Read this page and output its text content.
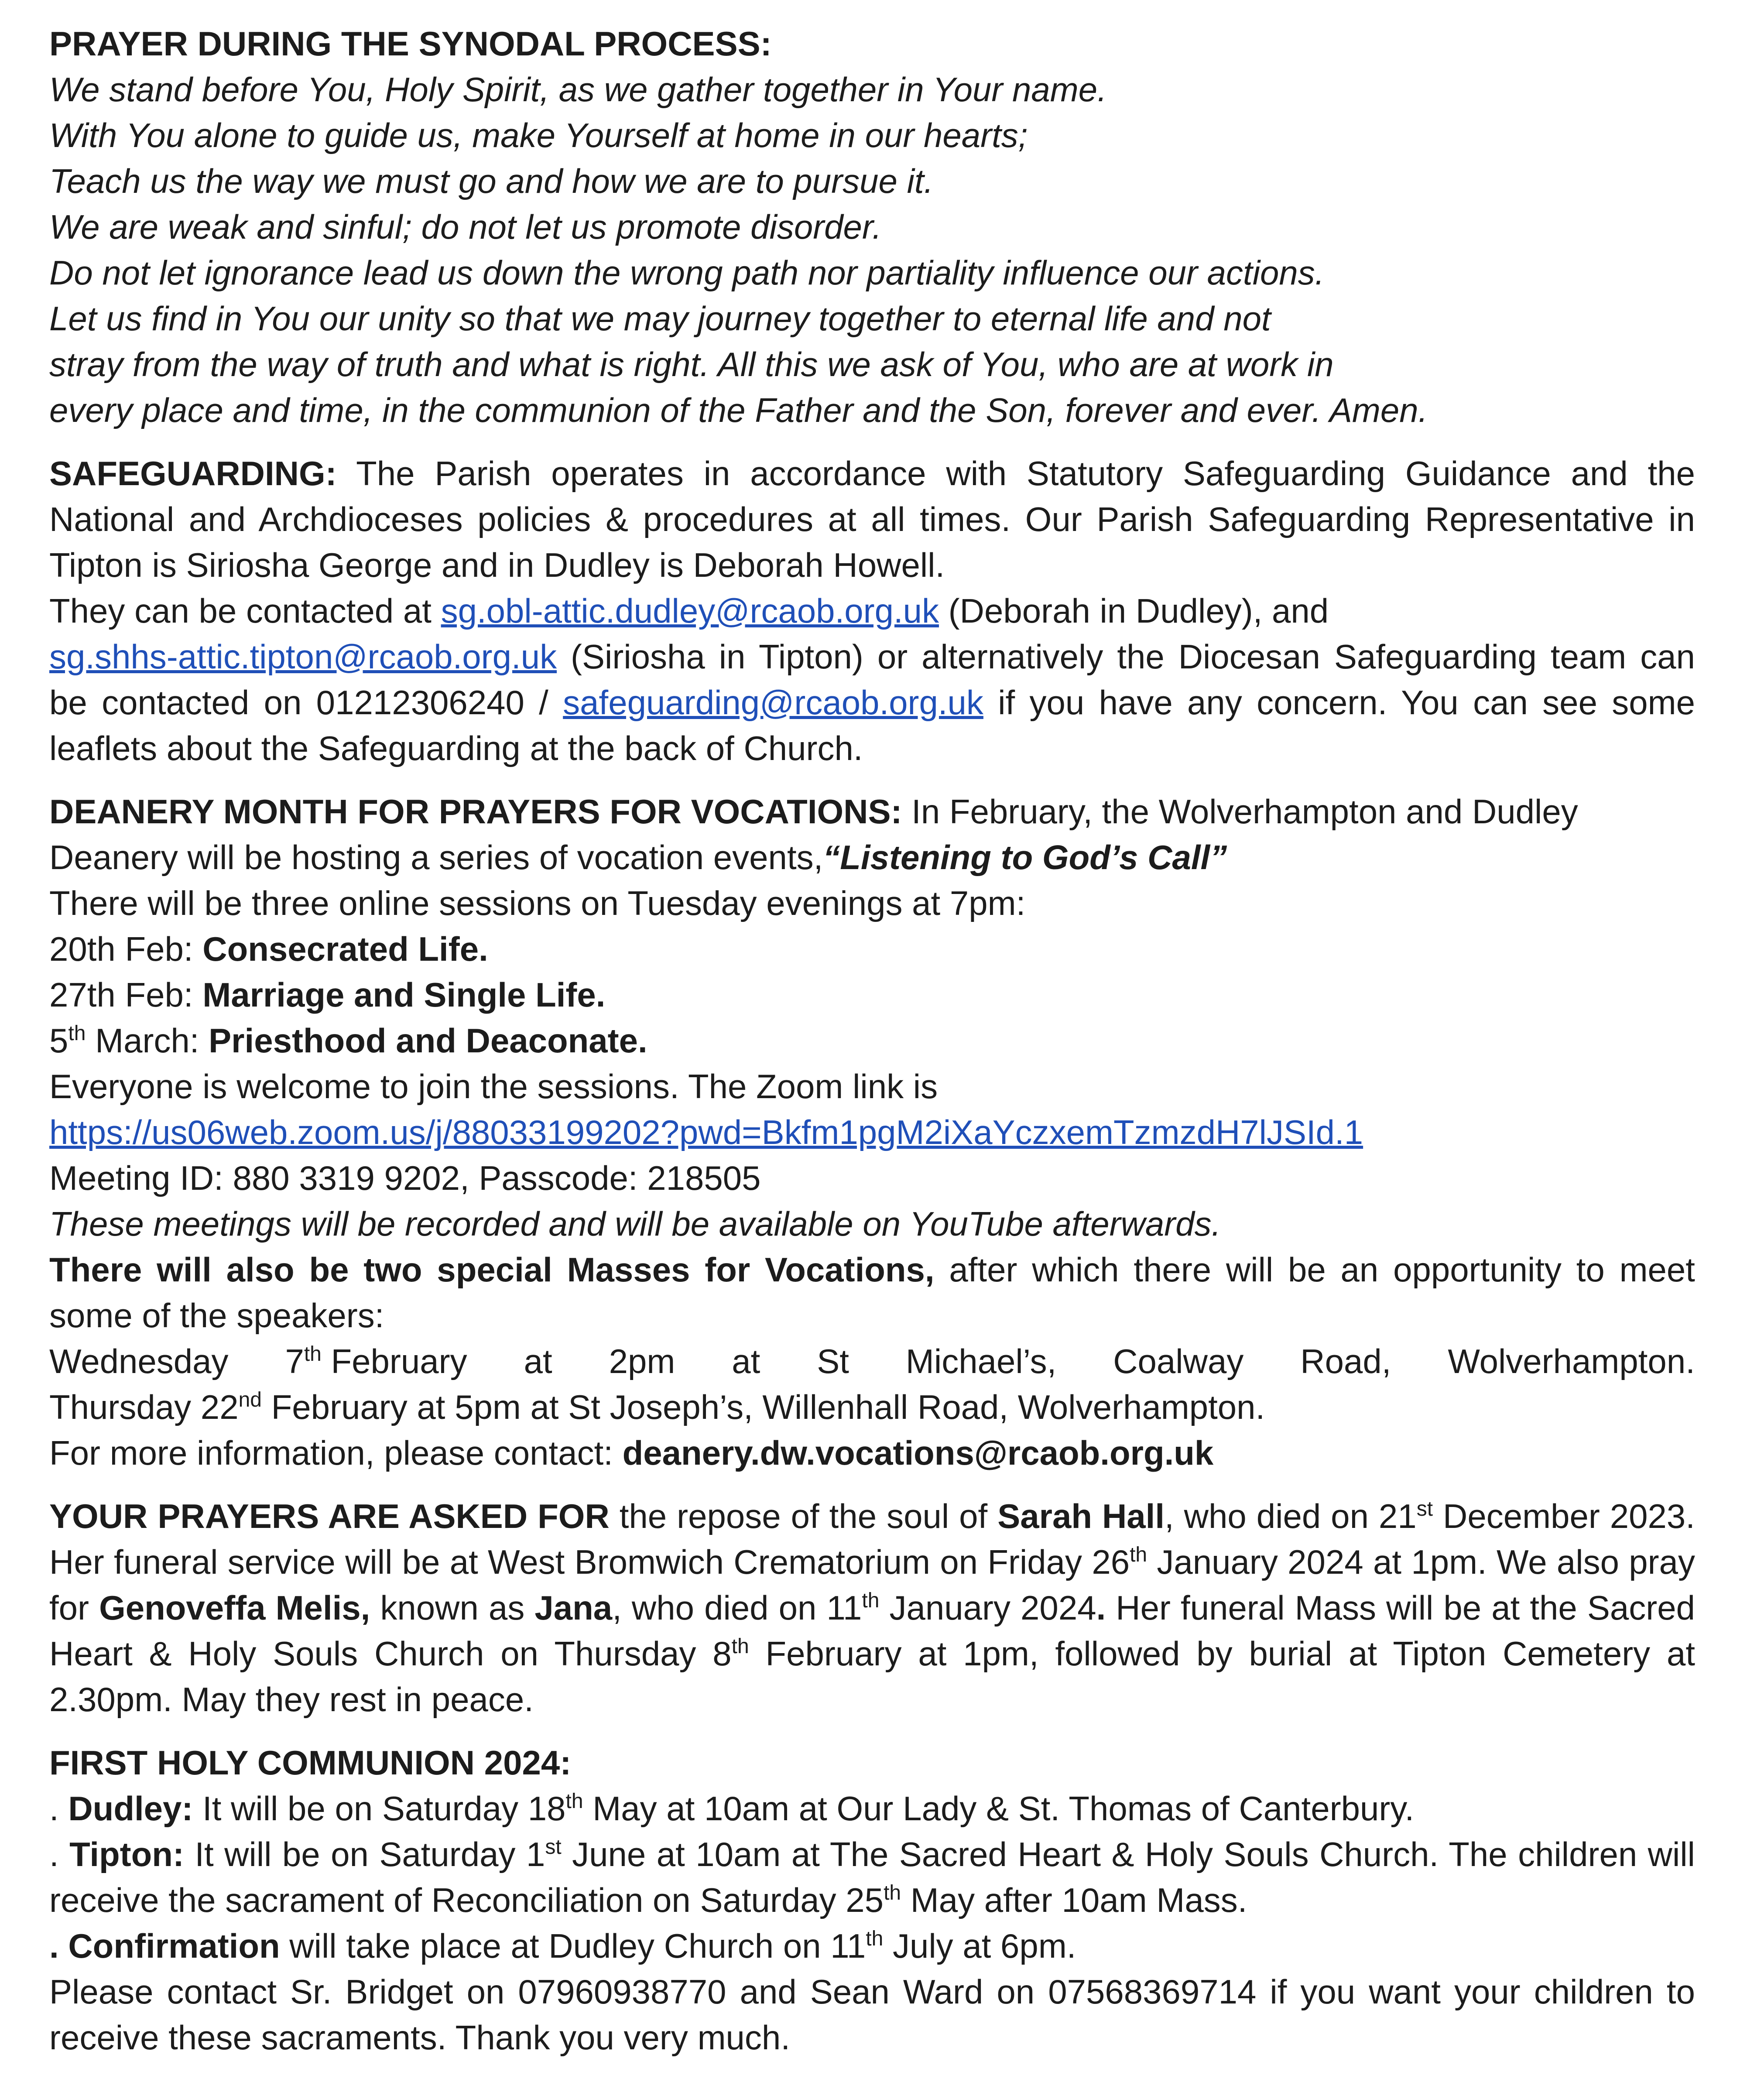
PRAYER DURING THE SYNODAL PROCESS:

We stand before You, Holy Spirit, as we gather together in Your name.

With You alone to guide us, make Yourself at home in our hearts;

Teach us the way we must go and how we are to pursue it.

We are weak and sinful; do not let us promote disorder.

Do not let ignorance lead us down the wrong path nor partiality influence our actions.

Let us find in You our unity so that we may journey together to eternal life and not

stray from the way of truth and what is right. All this we ask of You, who are at work in

every place and time, in the communion of the Father and the Son, forever and ever. Amen.

SAFEGUARDING: The Parish operates in accordance with Statutory Safeguarding Guidance and the National and Archdioceses policies & procedures at all times. Our Parish Safeguarding Representative in Tipton is Siriosha George and in Dudley is Deborah Howell.

They can be contacted at sg.obl-attic.dudley@rcaob.org.uk (Deborah in Dudley), and

sg.shhs-attic.tipton@rcaob.org.uk (Siriosha in Tipton) or alternatively the Diocesan Safeguarding team can be contacted on 01212306240 / safeguarding@rcaob.org.uk if you have any concern. You can see some leaflets about the Safeguarding at the back of Church.

DEANERY MONTH FOR PRAYERS FOR VOCATIONS: In February, the Wolverhampton and Dudley Deanery will be hosting a series of vocation events,“Listening to God’s Call”

There will be three online sessions on Tuesday evenings at 7pm:

20th Feb: Consecrated Life.

27th Feb: Marriage and Single Life.

5th March: Priesthood and Deaconate.

Everyone is welcome to join the sessions. The Zoom link is

https://us06web.zoom.us/j/88033199202?pwd=Bkfm1pgM2iXaYczxemTzmzdH7lJSId.1

Meeting ID: 880 3319 9202, Passcode: 218505

These meetings will be recorded and will be available on YouTube afterwards.

There will also be two special Masses for Vocations, after which there will be an opportunity to meet some of the speakers:

Wednesday 7th February at 2pm at St Michael’s, Coalway Road, Wolverhampton.

Thursday 22nd February at 5pm at St Joseph’s, Willenhall Road, Wolverhampton.

For more information, please contact: deanery.dw.vocations@rcaob.org.uk

YOUR PRAYERS ARE ASKED FOR the repose of the soul of Sarah Hall, who died on 21st December 2023. Her funeral service will be at West Bromwich Crematorium on Friday 26th January 2024 at 1pm. We also pray for Genoveffa Melis, known as Jana, who died on 11th January 2024. Her funeral Mass will be at the Sacred Heart & Holy Souls Church on Thursday 8th February at 1pm, followed by burial at Tipton Cemetery at 2.30pm. May they rest in peace.

FIRST HOLY COMMUNION 2024:

. Dudley: It will be on Saturday 18th May at 10am at Our Lady & St. Thomas of Canterbury.

. Tipton: It will be on Saturday 1st June at 10am at The Sacred Heart & Holy Souls Church. The children will receive the sacrament of Reconciliation on Saturday 25th May after 10am Mass.

. Confirmation will take place at Dudley Church on 11th July at 6pm.

Please contact Sr. Bridget on 07960938770 and Sean Ward on 07568369714 if you want your children to receive these sacraments. Thank you very much.
